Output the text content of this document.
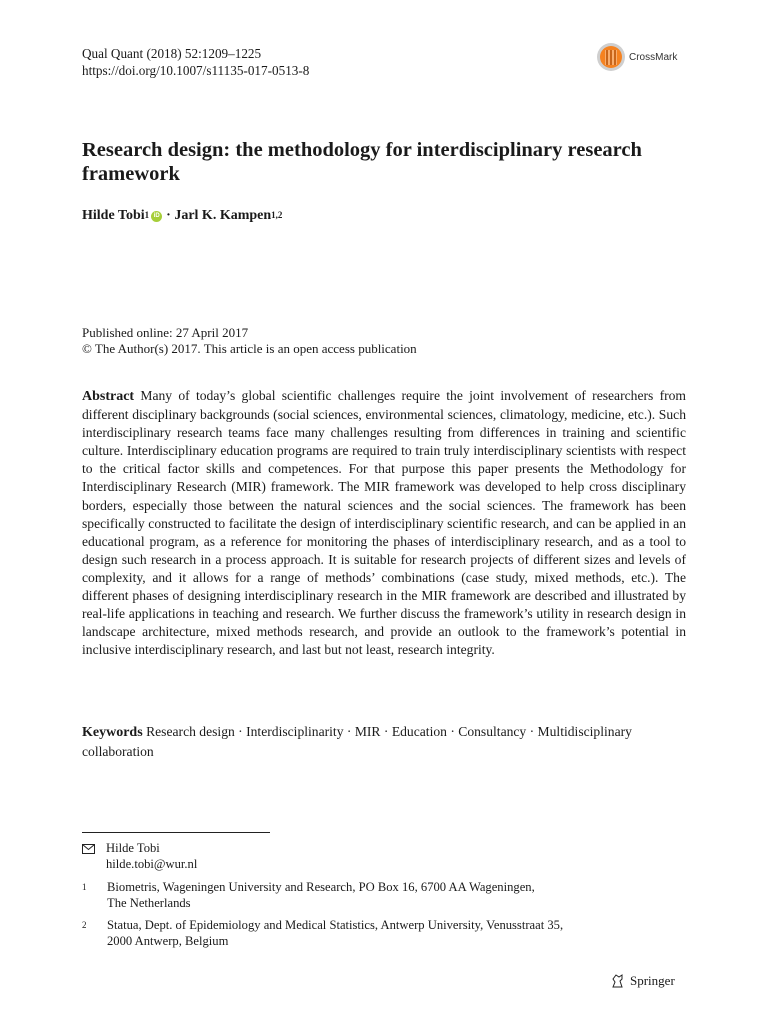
Qual Quant (2018) 52:1209–1225
https://doi.org/10.1007/s11135-017-0513-8
CrossMark
Research design: the methodology for interdisciplinary research framework
Hilde Tobi$^1$ iD ·
Jarl K. Kampen$^{1,2}$
Published online: 27 April 2017
© The Author(s) 2017. This article is an open access publication
Abstract Many of today’s global scientific challenges require the joint involvement of researchers from different disciplinary backgrounds (social sciences, environmental sciences, climatology, medicine, etc.). Such interdisciplinary research teams face many challenges resulting from differences in training and scientific culture. Interdisciplinary education programs are required to train truly interdisciplinary scientists with respect to the critical factor skills and competences. For that purpose this paper presents the Methodology for Interdisciplinary Research (MIR) framework. The MIR framework was developed to help cross disciplinary borders, especially those between the natural sciences and the social sciences. The framework has been specifically constructed to facilitate the design of interdisciplinary scientific research, and can be applied in an educational program, as a reference for monitoring the phases of interdisciplinary research, and as a tool to design such research in a process approach. It is suitable for research projects of different sizes and levels of complexity, and it allows for a range of methods’ combinations (case study, mixed methods, etc.). The different phases of designing interdisciplinary research in the MIR framework are described and illustrated by real-life applications in teaching and research. We further discuss the framework’s utility in research design in landscape architecture, mixed methods research, and provide an outlook to the framework’s potential in inclusive interdisciplinary research, and last but not least, research integrity.
Keywords Research design · Interdisciplinarity · MIR · Education · Consultancy · Multidisciplinary collaboration
Hilde Tobi
hilde.tobi@wur.nl
1	Biometris, Wageningen University and Research, PO Box 16, 6700 AA Wageningen,
The Netherlands
2	Statua, Dept. of Epidemiology and Medical Statistics, Antwerp University, Venusstraat 35,
2000 Antwerp, Belgium
Springer
